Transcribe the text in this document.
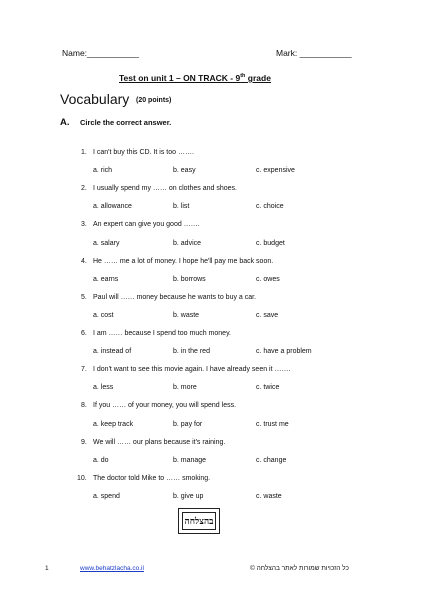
Name:___________	Mark: ___________
Test on unit 1 – ON TRACK - 9th grade
Vocabulary (20 points)
A. Circle the correct answer.
1. I can't buy this CD. It is too …….
a. rich	b. easy	c. expensive
2. I usually spend my …… on clothes and shoes.
a. allowance	b. list	c. choice
3. An expert can give you good …….
a. salary	b. advice	c. budget
4. He …… me a lot of money. I hope he'll pay me back soon.
a. earns	b. borrows	c. owes
5. Paul will …… money because he wants to buy a car.
a. cost	b. waste	c. save
6. I am …… because I spend too much money.
a. instead of	b. in the red	c. have a problem
7. I don't want to see this movie again. I have already seen it …….
a. less	b. more	c. twice
8. If you …… of your money, you will spend less.
a. keep track	b. pay for	c. trust me
9. We will …… our plans because it's raining.
a. do	b. manage	c. change
10. The doctor told Mike to …… smoking.
a. spend	b. give up	c. waste
בהצלחה
1	www.behatzlacha.co.il	כל הזכויות שמורות לאתר בהצלחה ©
